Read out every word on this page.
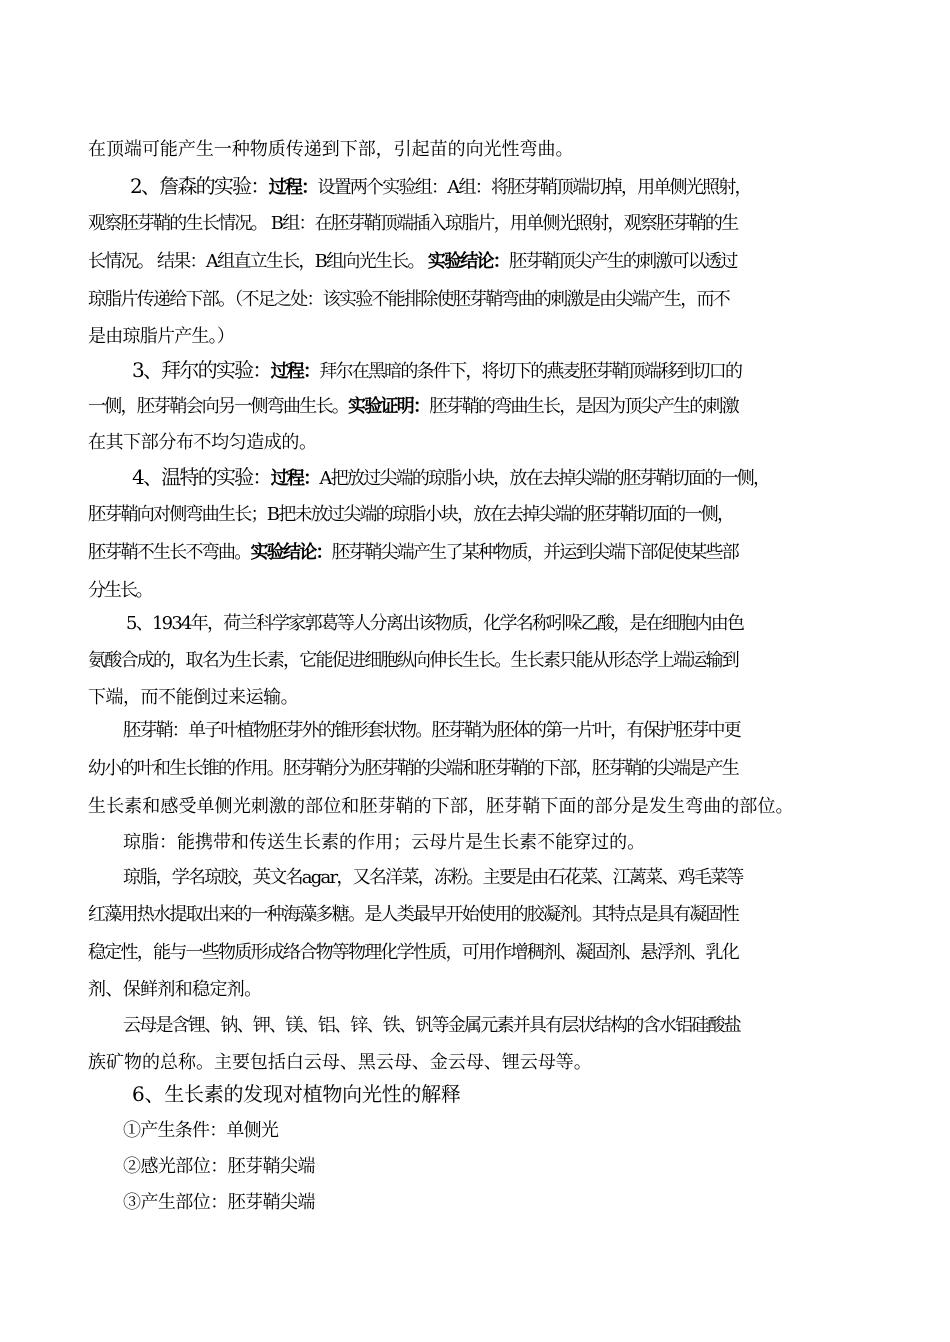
在顶端可能产生一种物质传递到下部，引起苗的向光性弯曲。
2、詹森的实验：过程：设置两个实验组：A组：将胚芽鞘顶端切掉，用单侧光照射，
观察胚芽鞘的生长情况。 B组：在胚芽鞘顶端插入琼脂片，用单侧光照射，观察胚芽鞘的生
长情况。 结果：A组直立生长，B组向光生长。 实验结论：胚芽鞘顶尖产生的刺激可以透过
琼脂片传递给下部。（不足之处：该实验不能排除使胚芽鞘弯曲的刺激是由尖端产生，而不
是由琼脂片产生。）
3、拜尔的实验：过程：拜尔在黑暗的条件下，将切下的燕麦胚芽鞘顶端移到切口的
一侧，胚芽鞘会向另一侧弯曲生长。实验证明：胚芽鞘的弯曲生长，是因为顶尖产生的刺激
在其下部分布不均匀造成的。
4、温特的实验：过程：A把放过尖端的琼脂小块，放在去掉尖端的胚芽鞘切面的一侧，
胚芽鞘向对侧弯曲生长；B把未放过尖端的琼脂小块，放在去掉尖端的胚芽鞘切面的一侧，
胚芽鞘不生长不弯曲。实验结论：胚芽鞘尖端产生了某种物质，并运到尖端下部促使某些部
分生长。
5、1934年，荷兰科学家郭葛等人分离出该物质，化学名称吲哚乙酸，是在细胞内由色
氨酸合成的，取名为生长素，它能促进细胞纵向伸长生长。生长素只能从形态学上端运输到
下端，而不能倒过来运输。
胚芽鞘：单子叶植物胚芽外的锥形套状物。胚芽鞘为胚体的第一片叶，有保护胚芽中更
幼小的叶和生长锥的作用。胚芽鞘分为胚芽鞘的尖端和胚芽鞘的下部，胚芽鞘的尖端是产生
生长素和感受单侧光刺激的部位和胚芽鞘的下部，胚芽鞘下面的部分是发生弯曲的部位。
琼脂：能携带和传送生长素的作用；云母片是生长素不能穿过的。
琼脂，学名琼胶，英文名agar，又名洋菜，冻粉。主要是由石花菜、江蓠菜、鸡毛菜等
红藻用热水提取出来的一种海藻多糖。是人类最早开始使用的胶凝剂。其特点是具有凝固性
稳定性，能与一些物质形成络合物等物理化学性质，可用作增稠剂、凝固剂、悬浮剂、乳化
剂、保鲜剂和稳定剂。
云母是含锂、钠、钾、镁、铝、锌、铁、钒等金属元素并具有层状结构的含水铝硅酸盐
族矿物的总称。主要包括白云母、黑云母、金云母、锂云母等。
6、生长素的发现对植物向光性的解释
①产生条件：单侧光
②感光部位：胚芽鞘尖端
③产生部位：胚芽鞘尖端
